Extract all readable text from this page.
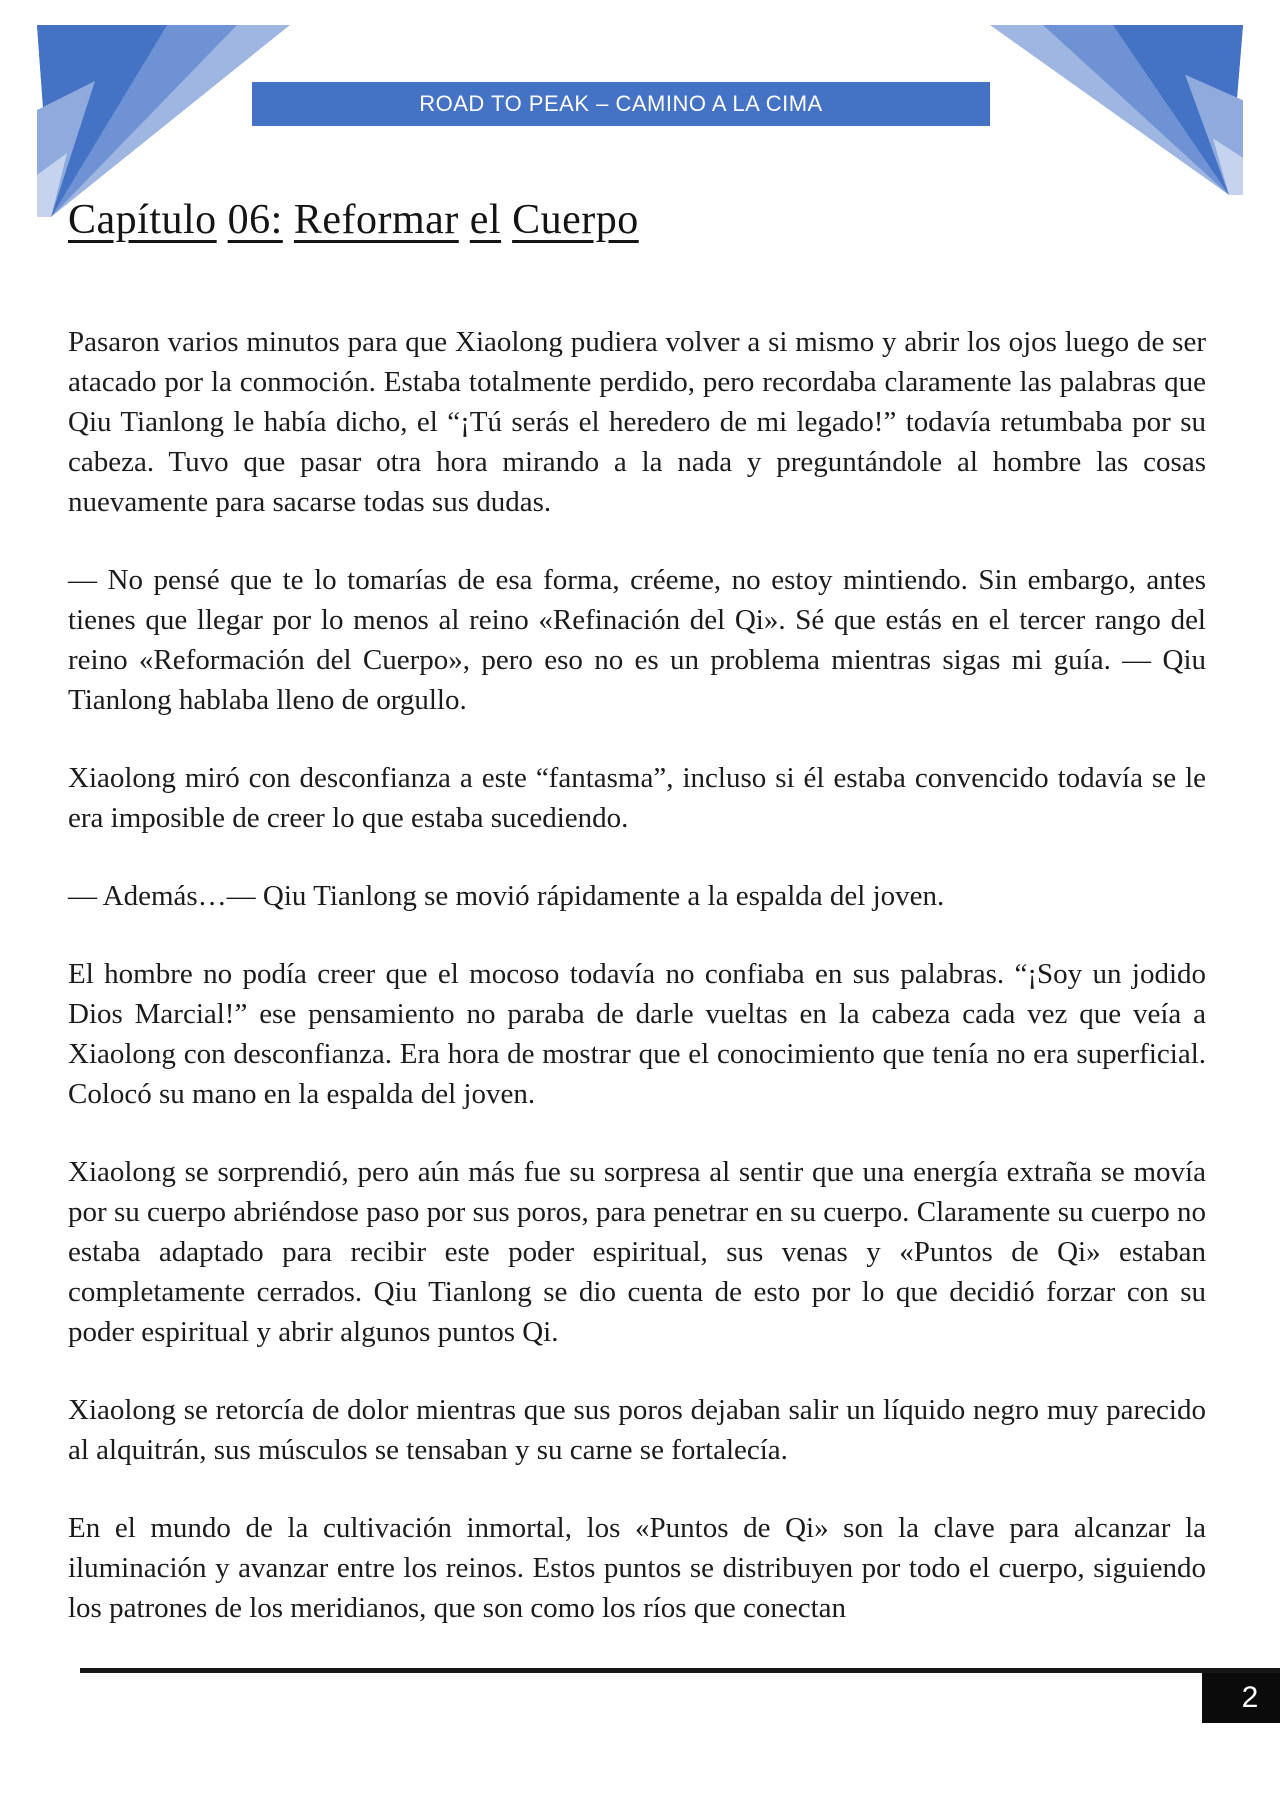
ROAD TO PEAK – CAMINO A LA CIMA
Capítulo 06: Reformar el Cuerpo

Pasaron varios minutos para que Xiaolong pudiera volver a si mismo y abrir los ojos luego de ser atacado por la conmoción. Estaba totalmente perdido, pero recordaba claramente las palabras que Qiu Tianlong le había dicho, el “¡Tú serás el heredero de mi legado!” todavía retumbaba por su cabeza. Tuvo que pasar otra hora mirando a la nada y preguntándole al hombre las cosas nuevamente para sacarse todas sus dudas.

— No pensé que te lo tomarías de esa forma, créeme, no estoy mintiendo. Sin embargo, antes tienes que llegar por lo menos al reino «Refinación del Qi». Sé que estás en el tercer rango del reino «Reformación del Cuerpo», pero eso no es un problema mientras sigas mi guía. — Qiu Tianlong hablaba lleno de orgullo.

Xiaolong miró con desconfianza a este “fantasma”, incluso si él estaba convencido todavía se le era imposible de creer lo que estaba sucediendo.

— Además…— Qiu Tianlong se movió rápidamente a la espalda del joven.

El hombre no podía creer que el mocoso todavía no confiaba en sus palabras. “¡Soy un jodido Dios Marcial!” ese pensamiento no paraba de darle vueltas en la cabeza cada vez que veía a Xiaolong con desconfianza. Era hora de mostrar que el conocimiento que tenía no era superficial. Colocó su mano en la espalda del joven.

Xiaolong se sorprendió, pero aún más fue su sorpresa al sentir que una energía extraña se movía por su cuerpo abriéndose paso por sus poros, para penetrar en su cuerpo. Claramente su cuerpo no estaba adaptado para recibir este poder espiritual, sus venas y «Puntos de Qi» estaban completamente cerrados. Qiu Tianlong se dio cuenta de esto por lo que decidió forzar con su poder espiritual y abrir algunos puntos Qi.

Xiaolong se retorcía de dolor mientras que sus poros dejaban salir un líquido negro muy parecido al alquitrán, sus músculos se tensaban y su carne se fortalecía.

En el mundo de la cultivación inmortal, los «Puntos de Qi» son la clave para alcanzar la iluminación y avanzar entre los reinos. Estos puntos se distribuyen por todo el cuerpo, siguiendo los patrones de los meridianos, que son como los ríos que conectan

2
